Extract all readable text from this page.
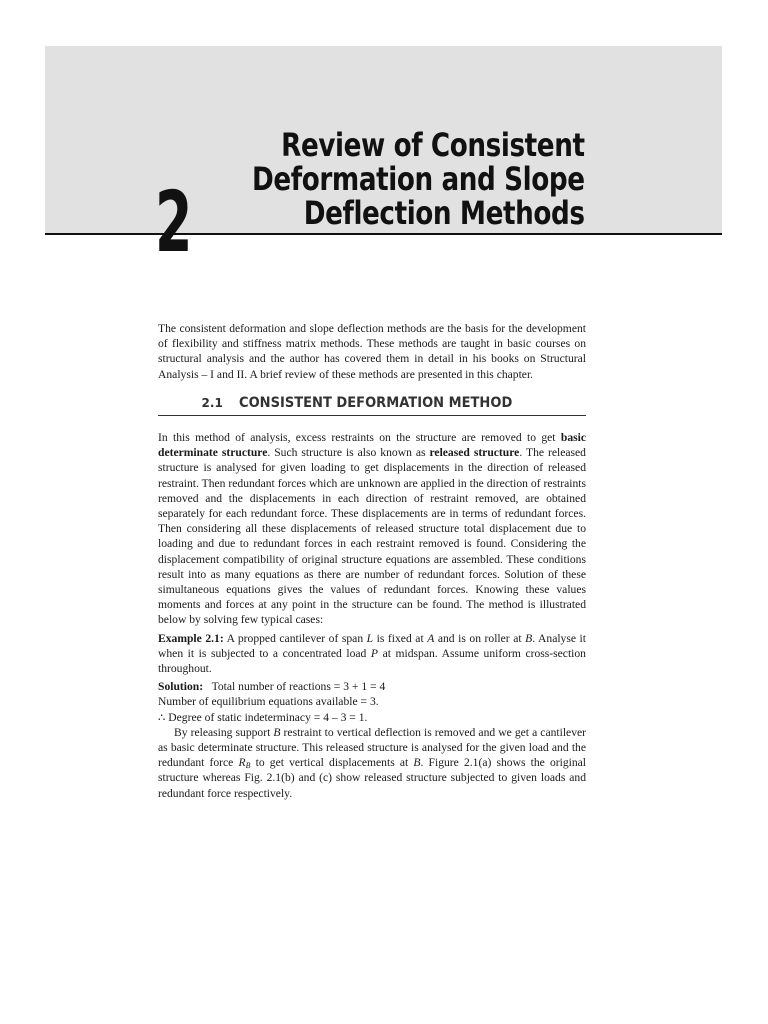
2
Review of Consistent
Deformation and Slope
Deflection Methods

The consistent deformation and slope deflection methods are the basis for the development of flexibility and stiffness matrix methods. These methods are taught in basic courses on structural analysis and the author has covered them in detail in his books on Structural Analysis – I and II. A brief review of these methods are presented in this chapter.

2.1 CONSISTENT DEFORMATION METHOD

In this method of analysis, excess restraints on the structure are removed to get basic determinate structure. Such structure is also known as released structure. The released structure is analysed for given loading to get displacements in the direction of released restraint. Then redundant forces which are unknown are applied in the direction of restraints removed and the displacements in each direction of restraint removed, are obtained separately for each redundant force. These displacements are in terms of redundant forces. Then considering all these displacements of released structure total displacement due to loading and due to redundant forces in each restraint removed is found. Considering the displacement compatibility of original structure equations are assembled. These conditions result into as many equations as there are number of redundant forces. Solution of these simultaneous equations gives the values of redundant forces. Knowing these values moments and forces at any point in the structure can be found. The method is illustrated below by solving few typical cases:

Example 2.1: A propped cantilever of span L is fixed at A and is on roller at B. Analyse it when it is subjected to a concentrated load P at midspan. Assume uniform cross-section throughout.

Solution:   Total number of reactions = 3 + 1 = 4

Number of equilibrium equations available = 3.

∴ Degree of static indeterminacy = 4 – 3 = 1.

By releasing support B restraint to vertical deflection is removed and we get a cantilever as basic determinate structure. This released structure is analysed for the given load and the redundant force $R_B$ to get vertical displacements at B. Figure 2.1(a) shows the original structure whereas Fig. 2.1(b) and (c) show released structure subjected to given loads and redundant force respectively.
